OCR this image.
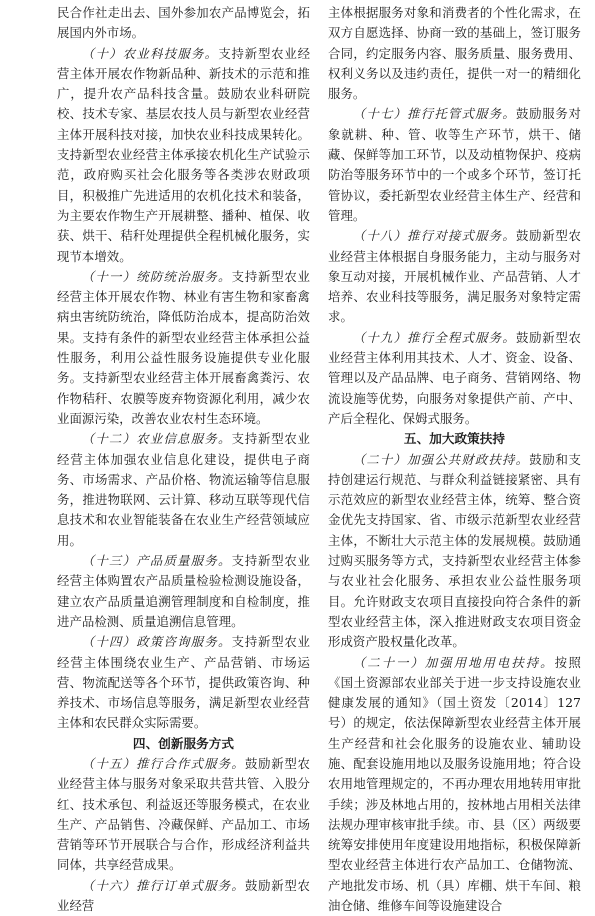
民合作社走出去、国外参加农产品博览会，拓展国内外市场。

（十）农业科技服务。支持新型农业经营主体开展农作物新品种、新技术的示范和推广，提升农产品科技含量。鼓励农业科研院校、技术专家、基层农技人员与新型农业经营主体开展科技对接，加快农业科技成果转化。支持新型农业经营主体承接农机化生产试验示范，政府购买社会化服务等各类涉农财政项目，积极推广先进适用的农机化技术和装备，为主要农作物生产开展耕整、播种、植保、收获、烘干、秸秆处理提供全程机械化服务，实现节本增效。

（十一）统防统治服务。支持新型农业经营主体开展农作物、林业有害生物和家畜禽病虫害统防统治，降低防治成本，提高防治效果。支持有条件的新型农业经营主体承担公益性服务，利用公益性服务设施提供专业化服务。支持新型农业经营主体开展畜禽粪污、农作物秸秆、农膜等废弃物资源化利用，减少农业面源污染，改善农业农村生态环境。

（十二）农业信息服务。支持新型农业经营主体加强农业信息化建设，提供电子商务、市场需求、产品价格、物流运输等信息服务，推进物联网、云计算、移动互联等现代信息技术和农业智能装备在农业生产经营领域应用。

（十三）产品质量服务。支持新型农业经营主体购置农产品质量检验检测设施设备，建立农产品质量追溯管理制度和自检制度，推进产品检测、质量追溯信息管理。

（十四）政策咨询服务。支持新型农业经营主体围绕农业生产、产品营销、市场运营、物流配送等各个环节，提供政策咨询、种养技术、市场信息等服务，满足新型农业经营主体和农民群众实际需要。

四、创新服务方式

（十五）推行合作式服务。鼓励新型农业经营主体与服务对象采取共营共管、入股分红、技术承包、利益返还等服务模式，在农业生产、产品销售、冷藏保鲜、产品加工、市场营销等环节开展联合与合作，形成经济利益共同体，共享经营成果。

（十六）推行订单式服务。鼓励新型农业经营

主体根据服务对象和消费者的个性化需求，在双方自愿选择、协商一致的基础上，签订服务合同，约定服务内容、服务质量、服务费用、权利义务以及违约责任，提供一对一的精细化服务。

（十七）推行托管式服务。鼓励服务对象就耕、种、管、收等生产环节，烘干、储藏、保鲜等加工环节，以及动植物保护、疫病防治等服务环节中的一个或多个环节，签订托管协议，委托新型农业经营主体生产、经营和管理。

（十八）推行对接式服务。鼓励新型农业经营主体根据自身服务能力，主动与服务对象互动对接，开展机械作业、产品营销、人才培养、农业科技等服务，满足服务对象特定需求。

（十九）推行全程式服务。鼓励新型农业经营主体利用其技术、人才、资金、设备、管理以及产品品牌、电子商务、营销网络、物流设施等优势，向服务对象提供产前、产中、产后全程化、保姆式服务。

五、加大政策扶持

（二十）加强公共财政扶持。鼓励和支持创建运行规范、与群众利益链接紧密、具有示范效应的新型农业经营主体，统筹、整合资金优先支持国家、省、市级示范新型农业经营主体，不断壮大示范主体的发展规模。鼓励通过购买服务等方式，支持新型农业经营主体参与农业社会化服务、承担农业公益性服务项目。允许财政支农项目直接投向符合条件的新型农业经营主体，深入推进财政支农项目资金形成资产股权量化改革。

（二十一）加强用地用电扶持。按照《国土资源部农业部关于进一步支持设施农业健康发展的通知》（国土资发〔2014〕127号）的规定，依法保障新型农业经营主体开展生产经营和社会化服务的设施农业、辅助设施、配套设施用地以及服务设施用地；符合设农用地管理规定的，不再办理农用地转用审批手续；涉及林地占用的，按林地占用相关法律法规办理审核审批手续。市、县（区）两级要统筹安排使用年度建设用地指标，积极保障新型农业经营主体进行农产品加工、仓储物流、产地批发市场、机（具）库棚、烘干车间、粮油仓储、维修车间等设施建设合
